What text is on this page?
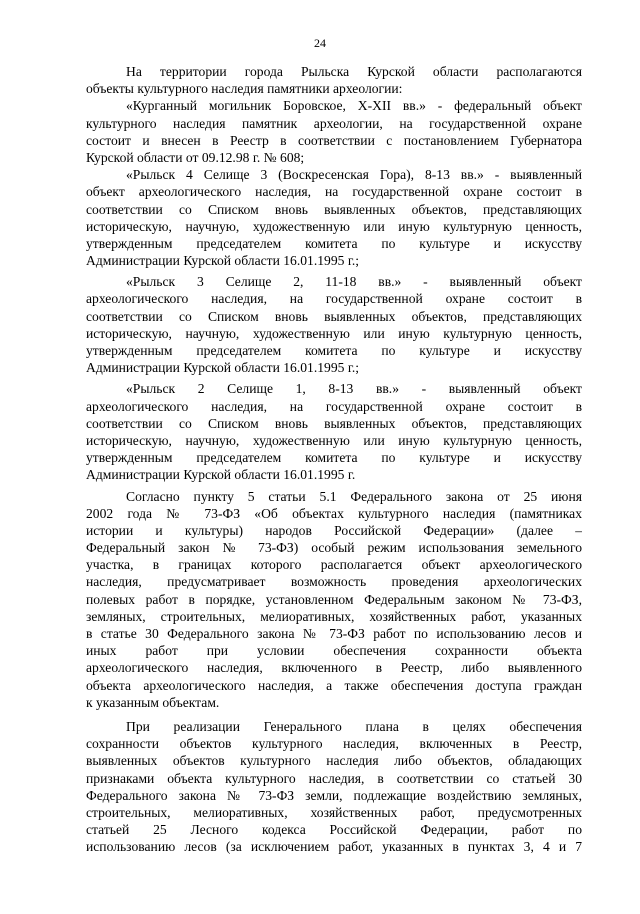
24
На территории города Рыльска Курской области располагаются
объекты культурного наследия памятники археологии:
«Курганный могильник Боровское, X-XII вв.» - федеральный объект
культурного наследия памятник археологии, на государственной охране
состоит и внесен в Реестр в соответствии с постановлением Губернатора
Курской области от 09.12.98 г. № 608;
«Рыльск 4 Селище 3 (Воскресенская Гора), 8-13 вв.» - выявленный
объект археологического наследия, на государственной охране состоит в
соответствии со Списком вновь выявленных объектов, представляющих
историческую, научную, художественную или иную культурную ценность,
утвержденным председателем комитета по культуре и искусству
Администрации Курской области 16.01.1995 г.;
«Рыльск 3 Селище 2, 11-18 вв.» - выявленный объект
археологического наследия, на государственной охране состоит в
соответствии со Списком вновь выявленных объектов, представляющих
историческую, научную, художественную или иную культурную ценность,
утвержденным председателем комитета по культуре и искусству
Администрации Курской области 16.01.1995 г.;
«Рыльск 2 Селище 1, 8-13 вв.» - выявленный объект
археологического наследия, на государственной охране состоит в
соответствии со Списком вновь выявленных объектов, представляющих
историческую, научную, художественную или иную культурную ценность,
утвержденным председателем комитета по культуре и искусству
Администрации Курской области 16.01.1995 г.
Согласно пункту 5 статьи 5.1 Федерального закона от 25 июня
2002 года № 73-ФЗ «Об объектах культурного наследия (памятниках
истории и культуры) народов Российской Федерации» (далее –
Федеральный закон № 73-ФЗ) особый режим использования земельного
участка, в границах которого располагается объект археологического
наследия, предусматривает возможность проведения археологических
полевых работ в порядке, установленном Федеральным законом № 73-ФЗ,
земляных, строительных, мелиоративных, хозяйственных работ, указанных
в статье 30 Федерального закона № 73-ФЗ работ по использованию лесов и
иных работ при условии обеспечения сохранности объекта
археологического наследия, включенного в Реестр, либо выявленного
объекта археологического наследия, а также обеспечения доступа граждан
к указанным объектам.
При реализации Генерального плана в целях обеспечения
сохранности объектов культурного наследия, включенных в Реестр,
выявленных объектов культурного наследия либо объектов, обладающих
признаками объекта культурного наследия, в соответствии со статьей 30
Федерального закона № 73-ФЗ земли, подлежащие воздействию земляных,
строительных, мелиоративных, хозяйственных работ, предусмотренных
статьей 25 Лесного кодекса Российской Федерации, работ по
использованию лесов (за исключением работ, указанных в пунктах 3, 4 и 7
